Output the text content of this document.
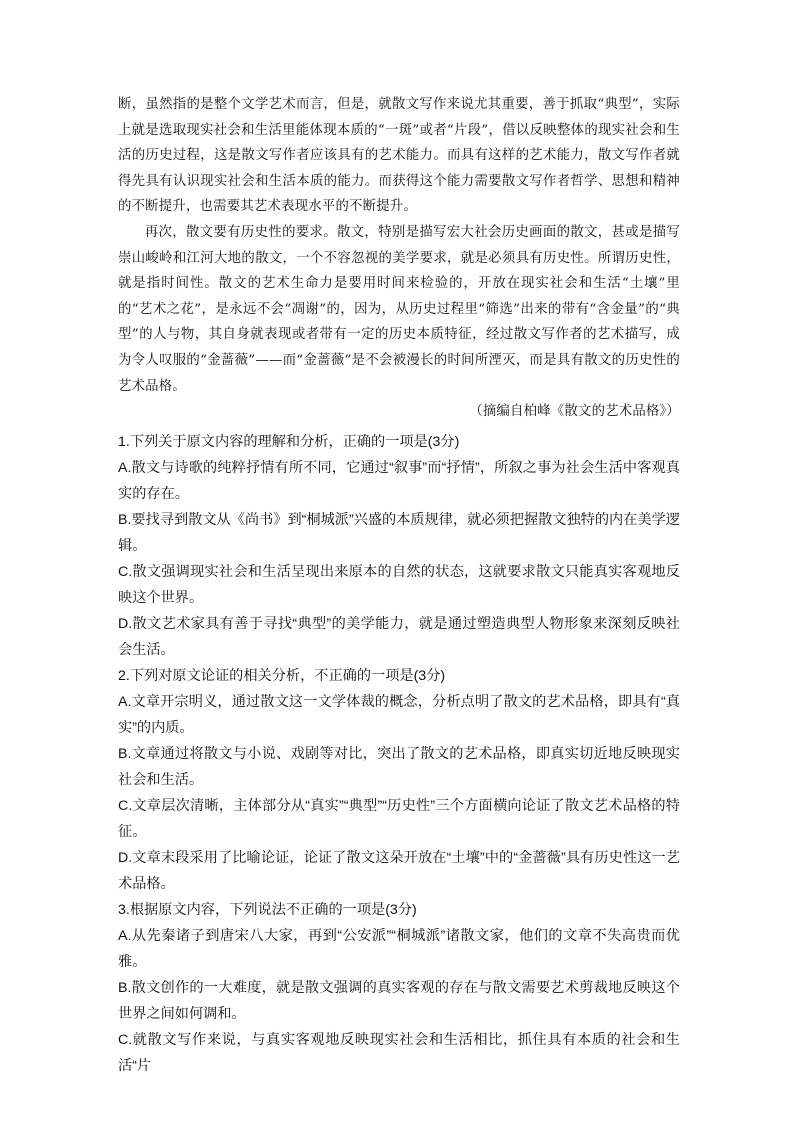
断，虽然指的是整个文学艺术而言，但是，就散文写作来说尤其重要，善于抓取“典型”，实际上就是选取现实社会和生活里能体现本质的“一斑”或者“片段”，借以反映整体的现实社会和生活的历史过程，这是散文写作者应该具有的艺术能力。而具有这样的艺术能力，散文写作者就得先具有认识现实社会和生活本质的能力。而获得这个能力需要散文写作者哲学、思想和精神的不断提升，也需要其艺术表现水平的不断提升。

再次，散文要有历史性的要求。散文，特别是描写宏大社会历史画面的散文，甚或是描写崇山峻岭和江河大地的散文，一个不容忽视的美学要求，就是必须具有历史性。所谓历史性，就是指时间性。散文的艺术生命力是要用时间来检验的，开放在现实社会和生活“土壤”里的“艺术之花”，是永远不会“凋谢”的，因为，从历史过程里“筛选”出来的带有“含金量”的“典型”的人与物，其自身就表现或者带有一定的历史本质特征，经过散文写作者的艺术描写，成为令人叹服的“金蔷薇”——而“金蔷薇”是不会被漫长的时间所湮灭，而是具有散文的历史性的艺术品格。

（摘编自柏峰《散文的艺术品格》）

1.下列关于原文内容的理解和分析，正确的一项是(3分)

A.散文与诗歌的纯粹抒情有所不同，它通过“叙事”而“抒情”，所叙之事为社会生活中客观真实的存在。

B.要找寻到散文从《尚书》到“桐城派”兴盛的本质规律，就必须把握散文独特的内在美学逻辑。

C.散文强调现实社会和生活呈现出来原本的自然的状态，这就要求散文只能真实客观地反映这个世界。

D.散文艺术家具有善于寻找“典型”的美学能力，就是通过塑造典型人物形象来深刻反映社会生活。

2.下列对原文论证的相关分析，不正确的一项是(3分)

A.文章开宗明义，通过散文这一文学体裁的概念，分析点明了散文的艺术品格，即具有“真实”的内质。

B.文章通过将散文与小说、戏剧等对比，突出了散文的艺术品格，即真实切近地反映现实社会和生活。

C.文章层次清晰，主体部分从“真实”“典型”“历史性”三个方面横向论证了散文艺术品格的特征。

D.文章末段采用了比喻论证，论证了散文这朵开放在“土壤”中的“金蔷薇”具有历史性这一艺术品格。

3.根据原文内容，下列说法不正确的一项是(3分)

A.从先秦诸子到唐宋八大家，再到“公安派”“桐城派”诸散文家，他们的文章不失高贵而优雅。

B.散文创作的一大难度，就是散文强调的真实客观的存在与散文需要艺术剪裁地反映这个世界之间如何调和。

C.就散文写作来说，与真实客观地反映现实社会和生活相比，抓住具有本质的社会和生活“片
